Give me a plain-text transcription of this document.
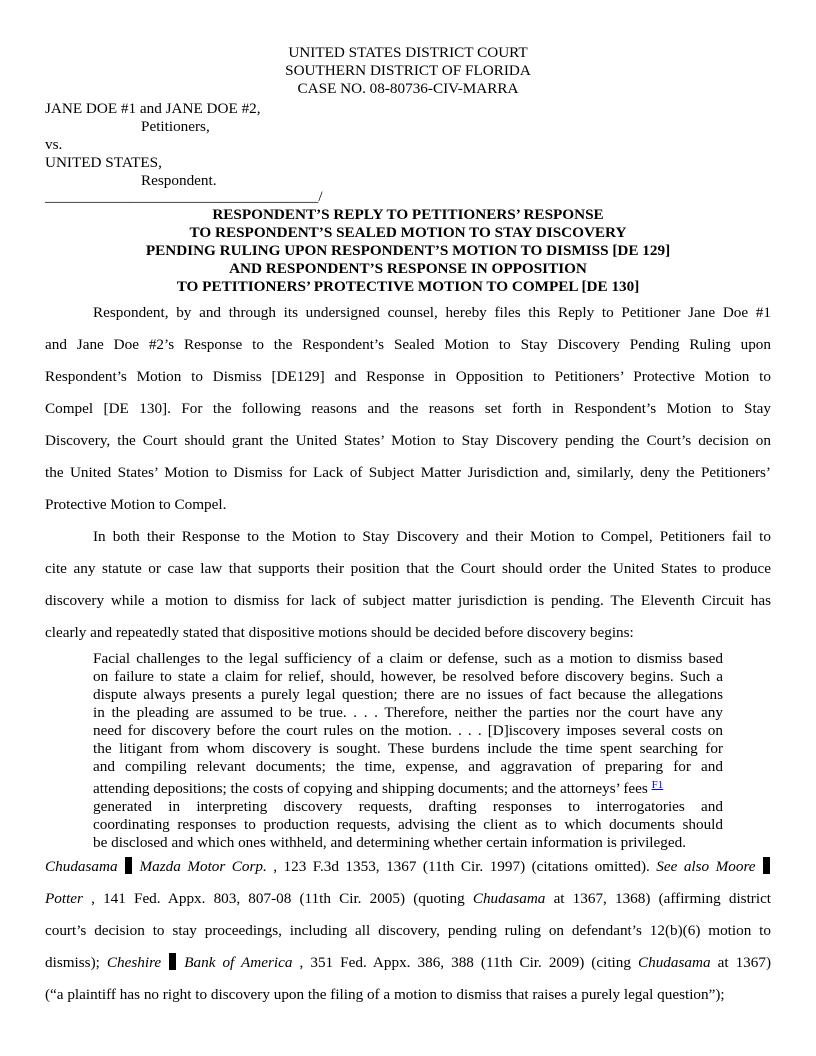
UNITED STATES DISTRICT COURT
SOUTHERN DISTRICT OF FLORIDA
CASE NO. 08-80736-CIV-MARRA
JANE DOE #1 and JANE DOE #2,
Petitioners,
vs.
UNITED STATES,
Respondent.
____________________________________/
RESPONDENT’S REPLY TO PETITIONERS’ RESPONSE
TO RESPONDENT’S SEALED MOTION TO STAY DISCOVERY
PENDING RULING UPON RESPONDENT’S MOTION TO DISMISS [DE 129]
AND RESPONDENT’S RESPONSE IN OPPOSITION
TO PETITIONERS’ PROTECTIVE MOTION TO COMPEL [DE 130]
Respondent, by and through its undersigned counsel, hereby files this Reply to Petitioner Jane Doe #1
and Jane Doe #2’s Response to the Respondent’s Sealed Motion to Stay Discovery Pending Ruling upon
Respondent’s Motion to Dismiss [DE129] and Response in Opposition to Petitioners’ Protective Motion to
Compel [DE 130]. For the following reasons and the reasons set forth in Respondent’s Motion to Stay
Discovery, the Court should grant the United States’ Motion to Stay Discovery pending the Court’s decision on
the United States’ Motion to Dismiss for Lack of Subject Matter Jurisdiction and, similarly, deny the Petitioners’
Protective Motion to Compel.
In both their Response to the Motion to Stay Discovery and their Motion to Compel, Petitioners fail to
cite any statute or case law that supports their position that the Court should order the United States to produce
discovery while a motion to dismiss for lack of subject matter jurisdiction is pending. The Eleventh Circuit has
clearly and repeatedly stated that dispositive motions should be decided before discovery begins:
Facial challenges to the legal sufficiency of a claim or defense, such as a motion to dismiss based
on failure to state a claim for relief, should, however, be resolved before discovery begins. Such a
dispute always presents a purely legal question; there are no issues of fact because the allegations
in the pleading are assumed to be true. . . . Therefore, neither the parties nor the court have any
need for discovery before the court rules on the motion. . . . [D]iscovery imposes several costs on
the litigant from whom discovery is sought. These burdens include the time spent searching for
and compiling relevant documents; the time, expense, and aggravation of preparing for and
attending depositions; the costs of copying and shipping documents; and the attorneys’ fees $^{F1}$
generated in interpreting discovery requests, drafting responses to interrogatories and
coordinating responses to production requests, advising the client as to which documents should
be disclosed and which ones withheld, and determining whether certain information is privileged.
Chudasama Mazda Motor Corp. , 123 F.3d 1353, 1367 (11th Cir. 1997) (citations omitted). See also Moore
Potter , 141 Fed. Appx. 803, 807-08 (11th Cir. 2005) (quoting Chudasama at 1367, 1368) (affirming district
court’s decision to stay proceedings, including all discovery, pending ruling on defendant’s 12(b)(6) motion to
dismiss); Cheshire Bank of America , 351 Fed. Appx. 386, 388 (11th Cir. 2009) (citing Chudasama at 1367)
(“a plaintiff has no right to discovery upon the filing of a motion to dismiss that raises a purely legal question”);
